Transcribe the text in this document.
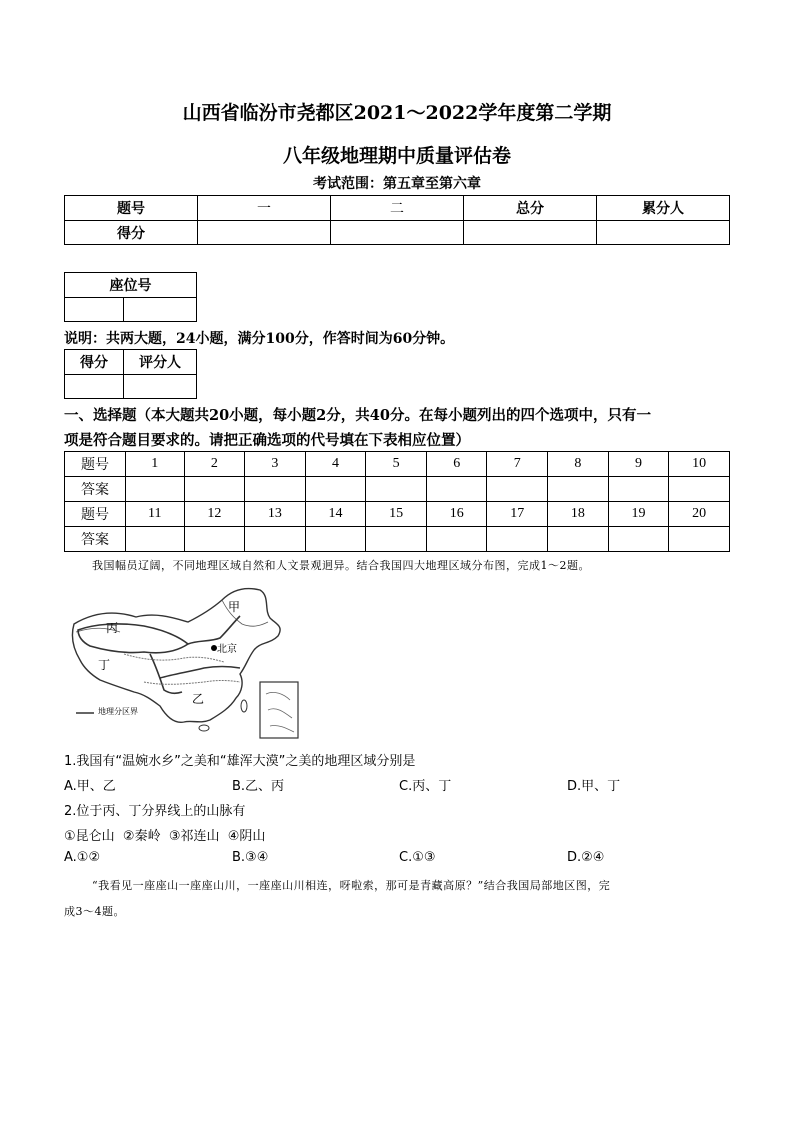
山西省临汾市尧都区2021～2022学年度第二学期
八年级地理期中质量评估卷
考试范围：第五章至第六章
题号	一	二	总分	累分人
得分				
座位号

说明：共两大题，24小题，满分100分，作答时间为60分钟。
得分	评分人

一、选择题（本大题共20小题，每小题2分，共40分。在每小题列出的四个选项中，只有一
项是符合题目要求的。请把正确选项的代号填在下表相应位置）
题号	1	2	3	4	5	6	7	8	9	10
答案										
题号	11	12	13	14	15	16	17	18	19	20
答案										
我国幅员辽阔，不同地理区域自然和人文景观迥异。结合我国四大地理区域分布图，完成1～2题。
甲
丙
丁
乙
北京
地理分区界
1.我国有“温婉水乡”之美和“雄浑大漠”之美的地理区域分别是
A.甲、乙	B.乙、丙	C.丙、丁	D.甲、丁
2.位于丙、丁分界线上的山脉有
①昆仑山  ②秦岭  ③祁连山  ④阴山
A.①②	B.③④	C.①③	D.②④
“我看见一座座山一座座山川，一座座山川相连，呀啦索，那可是青藏高原？”结合我国局部地区图，完
成3～4题。
